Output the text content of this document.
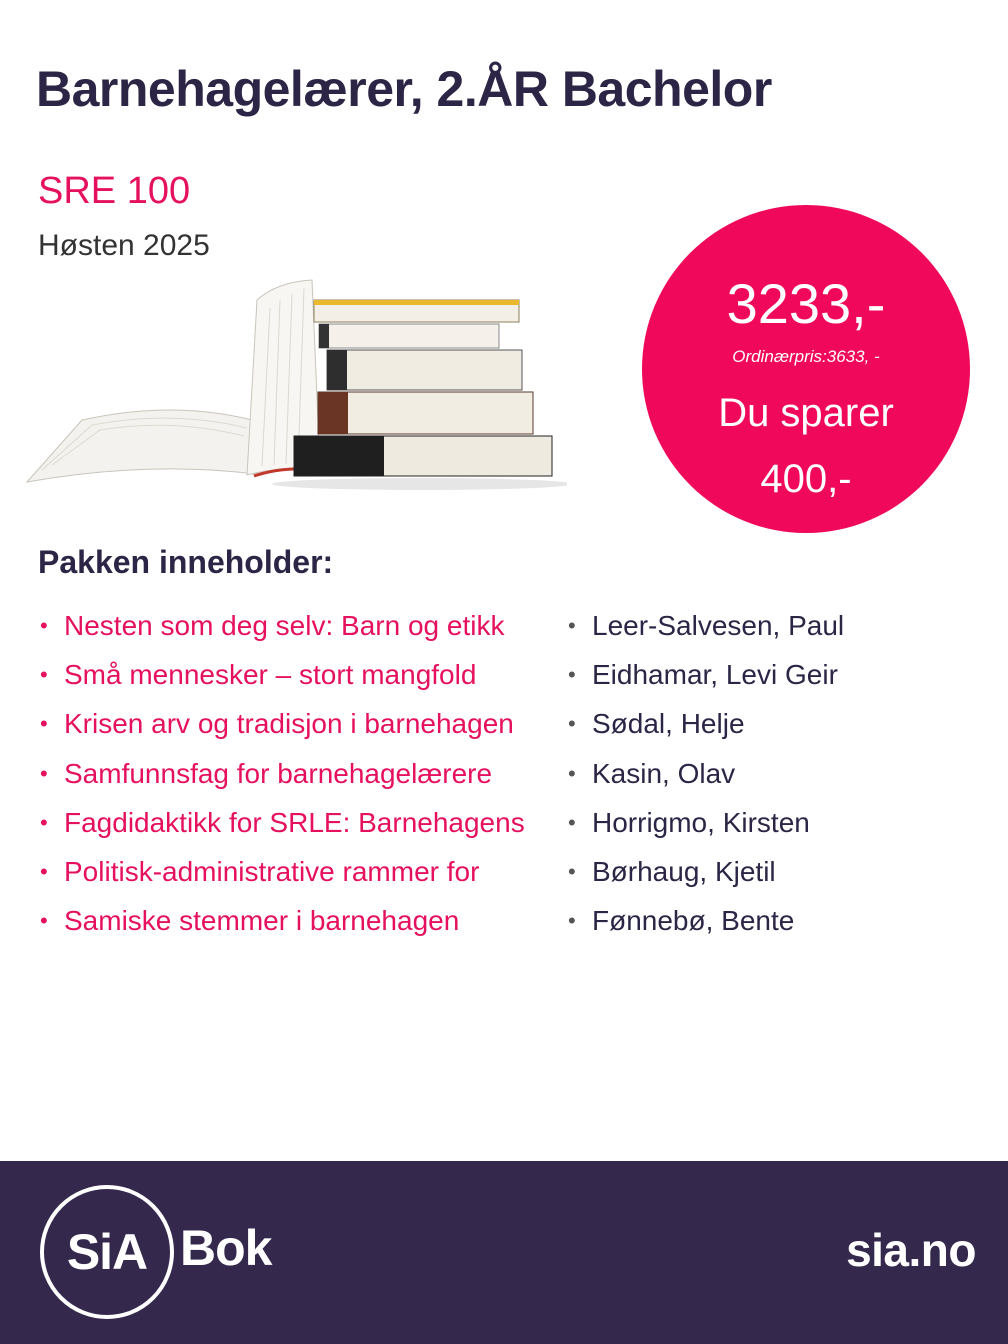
Barnehagelærer, 2.ÅR Bachelor
SRE 100
Høsten 2025
3233,-
Ordinærpris:3633, -
Du sparer
400,-
Pakken inneholder:
• Nesten som deg selv: Barn og etikk
• Små mennesker – stort mangfold
• Krisen arv og tradisjon i barnehagen
• Samfunnsfag for barnehagelærere
• Fagdidaktikk for SRLE: Barnehagens
• Politisk-administrative rammer for
• Samiske stemmer i barnehagen
• Leer-Salvesen, Paul
• Eidhamar, Levi Geir
• Sødal, Helje
• Kasin, Olav
• Horrigmo, Kirsten
• Børhaug, Kjetil
• Fønnebø, Bente
SiA Bok	sia.no
